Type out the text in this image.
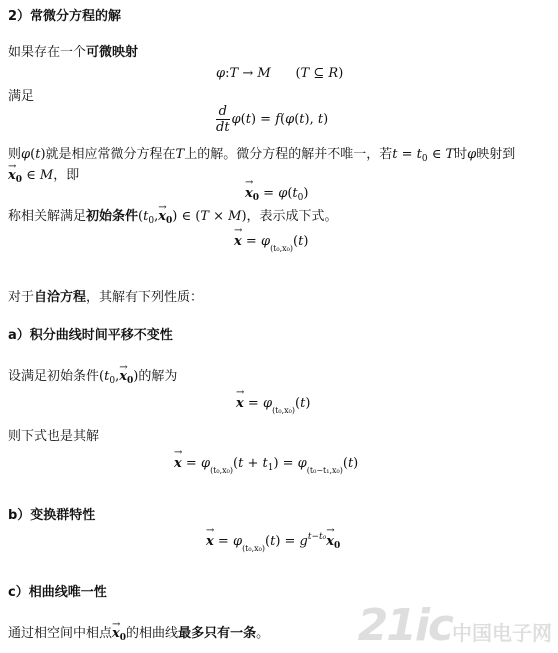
2）常微分方程的解
如果存在一个可微映射
φ:T → M      (T ⊆ R)
满足
$\frac{d}{dt} \varphi(t) = f(\varphi(t)$, t)
则φ(t)就是相应常微分方程在T上的解。微分方程的解并不唯一，若$t = t_0$ ∈ T时φ映射到
→ $x_0$ ∈ M，即
→ $x_0 = \varphi(t_0)$
称相关解满足初始条件$(t_0,\to x_0)$ ∈ (T × M)，表示成下式。
→ $x = \varphi_{(t_0,x_0)}(t)$
对于自洽方程，其解有下列性质：
a）积分曲线时间平移不变性
设满足初始条件$(t_0,\to x_0)$的解为
→ $x = \varphi_{(t_0,x_0)}(t)$
则下式也是其解
→ $x = \varphi_{(t_0,x_0)}(t + t_1) = \varphi_{(t_0-t_1,x_0)}(t)$
b）变换群特性
→ $x = \varphi_{(t_0,x_0)}(t) = g^{t-t_0}\to x_0$
c）相曲线唯一性
通过相空间中相点→ $x_0$的相曲线最多只有一条。 21ic中国电子网
